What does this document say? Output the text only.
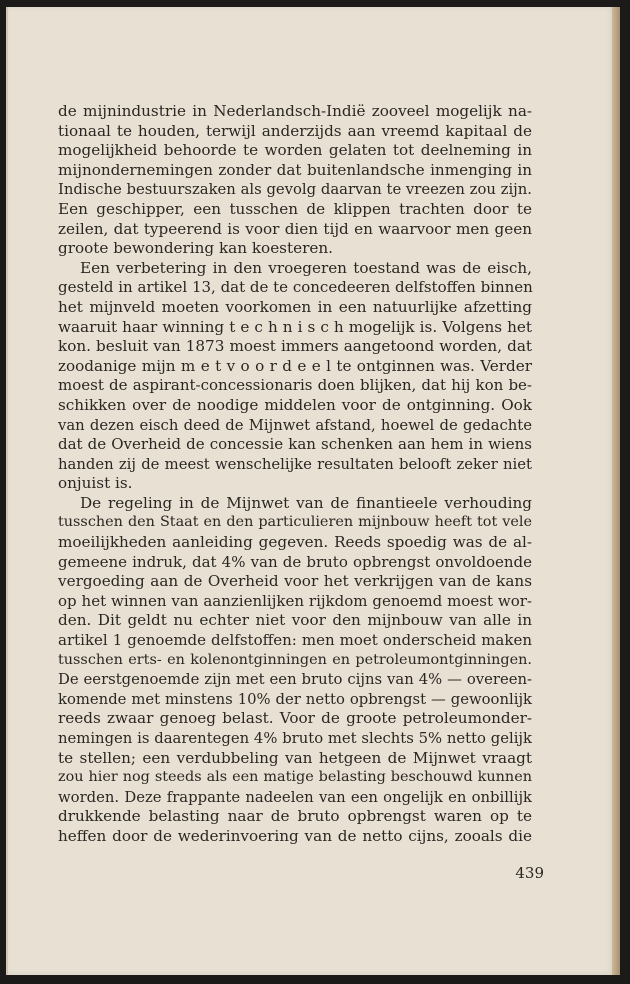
de mijnindustrie in Nederlandsch-Indië zooveel mogelijk na-
tionaal te houden, terwijl anderzijds aan vreemd kapitaal de
mogelijkheid behoorde te worden gelaten tot deelneming in
mijnondernemingen zonder dat buitenlandsche inmenging in
Indische bestuurszaken als gevolg daarvan te vreezen zou zijn.
Een geschipper, een tusschen de klippen trachten door te
zeilen, dat typeerend is voor dien tijd en waarvoor men geen
groote bewondering kan koesteren.
Een verbetering in den vroegeren toestand was de eisch,
gesteld in artikel 13, dat de te concedeeren delfstoffen binnen
het mijnveld moeten voorkomen in een natuurlijke afzetting
waaruit haar winning t e c h n i s c h mogelijk is. Volgens het
kon. besluit van 1873 moest immers aangetoond worden, dat
zoodanige mijn m e t v o o r d e e l te ontginnen was. Verder
moest de aspirant-concessionaris doen blijken, dat hij kon be-
schikken over de noodige middelen voor de ontginning. Ook
van dezen eisch deed de Mijnwet afstand, hoewel de gedachte
dat de Overheid de concessie kan schenken aan hem in wiens
handen zij de meest wenschelijke resultaten belooft zeker niet
onjuist is.
De regeling in de Mijnwet van de finantieele verhouding
tusschen den Staat en den particulieren mijnbouw heeft tot vele
moeilijkheden aanleiding gegeven. Reeds spoedig was de al-
gemeene indruk, dat 4% van de bruto opbrengst onvoldoende
vergoeding aan de Overheid voor het verkrijgen van de kans
op het winnen van aanzienlijken rijkdom genoemd moest wor-
den. Dit geldt nu echter niet voor den mijnbouw van alle in
artikel 1 genoemde delfstoffen: men moet onderscheid maken
tusschen erts- en kolenontginningen en petroleumontginningen.
De eerstgenoemde zijn met een bruto cijns van 4% — overeen-
komende met minstens 10% der netto opbrengst — gewoonlijk
reeds zwaar genoeg belast. Voor de groote petroleumonder-
nemingen is daarentegen 4% bruto met slechts 5% netto gelijk
te stellen; een verdubbeling van hetgeen de Mijnwet vraagt
zou hier nog steeds als een matige belasting beschouwd kunnen
worden. Deze frappante nadeelen van een ongelijk en onbillijk
drukkende belasting naar de bruto opbrengst waren op te
heffen door de wederinvoering van de netto cijns, zooals die
439
